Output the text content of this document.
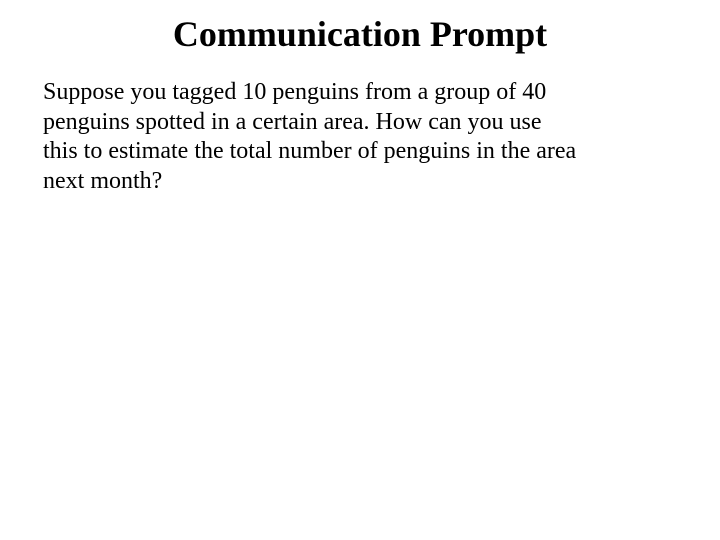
Communication Prompt

Suppose you tagged 10 penguins from a group of 40
penguins spotted in a certain area. How can you use
this to estimate the total number of penguins in the area
next month?
